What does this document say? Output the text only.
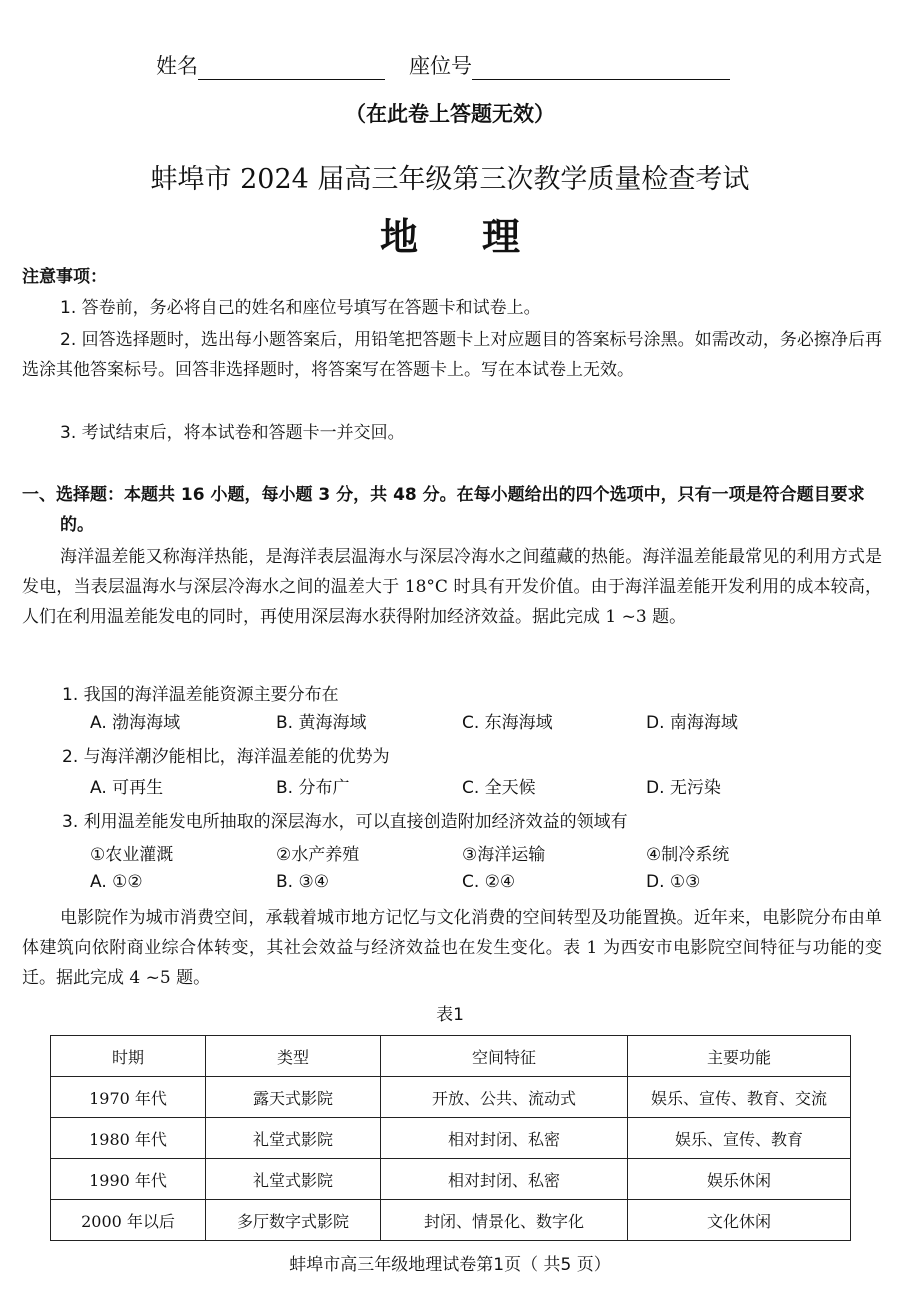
姓名	座位号
（在此卷上答题无效）
蚌埠市 2024 届高三年级第三次教学质量检查考试
地理
注意事项：
1. 答卷前，务必将自己的姓名和座位号填写在答题卡和试卷上。
2. 回答选择题时，选出每小题答案后，用铅笔把答题卡上对应题目的答案标号涂黑。如需改动，务必擦净后再选涂其他答案标号。回答非选择题时，将答案写在答题卡上。写在本试卷上无效。
3. 考试结束后，将本试卷和答题卡一并交回。
一、选择题：本题共 16 小题，每小题 3 分，共 48 分。在每小题给出的四个选项中，只有一项是符合题目要求的。
海洋温差能又称海洋热能，是海洋表层温海水与深层冷海水之间蕴藏的热能。海洋温差能最常见的利用方式是发电，当表层温海水与深层冷海水之间的温差大于 18°C 时具有开发价值。由于海洋温差能开发利用的成本较高，人们在利用温差能发电的同时，再使用深层海水获得附加经济效益。据此完成 1 ~3 题。
1. 我国的海洋温差能资源主要分布在
A. 渤海海域	B. 黄海海域	C. 东海海域	D. 南海海域
2. 与海洋潮汐能相比，海洋温差能的优势为
A. 可再生	B. 分布广	C. 全天候	D. 无污染
3. 利用温差能发电所抽取的深层海水，可以直接创造附加经济效益的领域有
①农业灌溉	②水产养殖	③海洋运输	④制冷系统
A. ①②	B. ③④	C. ②④	D. ①③
电影院作为城市消费空间，承载着城市地方记忆与文化消费的空间转型及功能置换。近年来，电影院分布由单体建筑向依附商业综合体转变，其社会效益与经济效益也在发生变化。表 1 为西安市电影院空间特征与功能的变迁。据此完成 4 ~5 题。
表1
时期	类型	空间特征	主要功能
1970 年代	露天式影院	开放、公共、流动式	娱乐、宣传、教育、交流
1980 年代	礼堂式影院	相对封闭、私密	娱乐、宣传、教育
1990 年代	礼堂式影院	相对封闭、私密	娱乐休闲
2000 年以后	多厅数字式影院	封闭、情景化、数字化	文化休闲
蚌埠市高三年级地理试卷第1页（ 共5 页）
